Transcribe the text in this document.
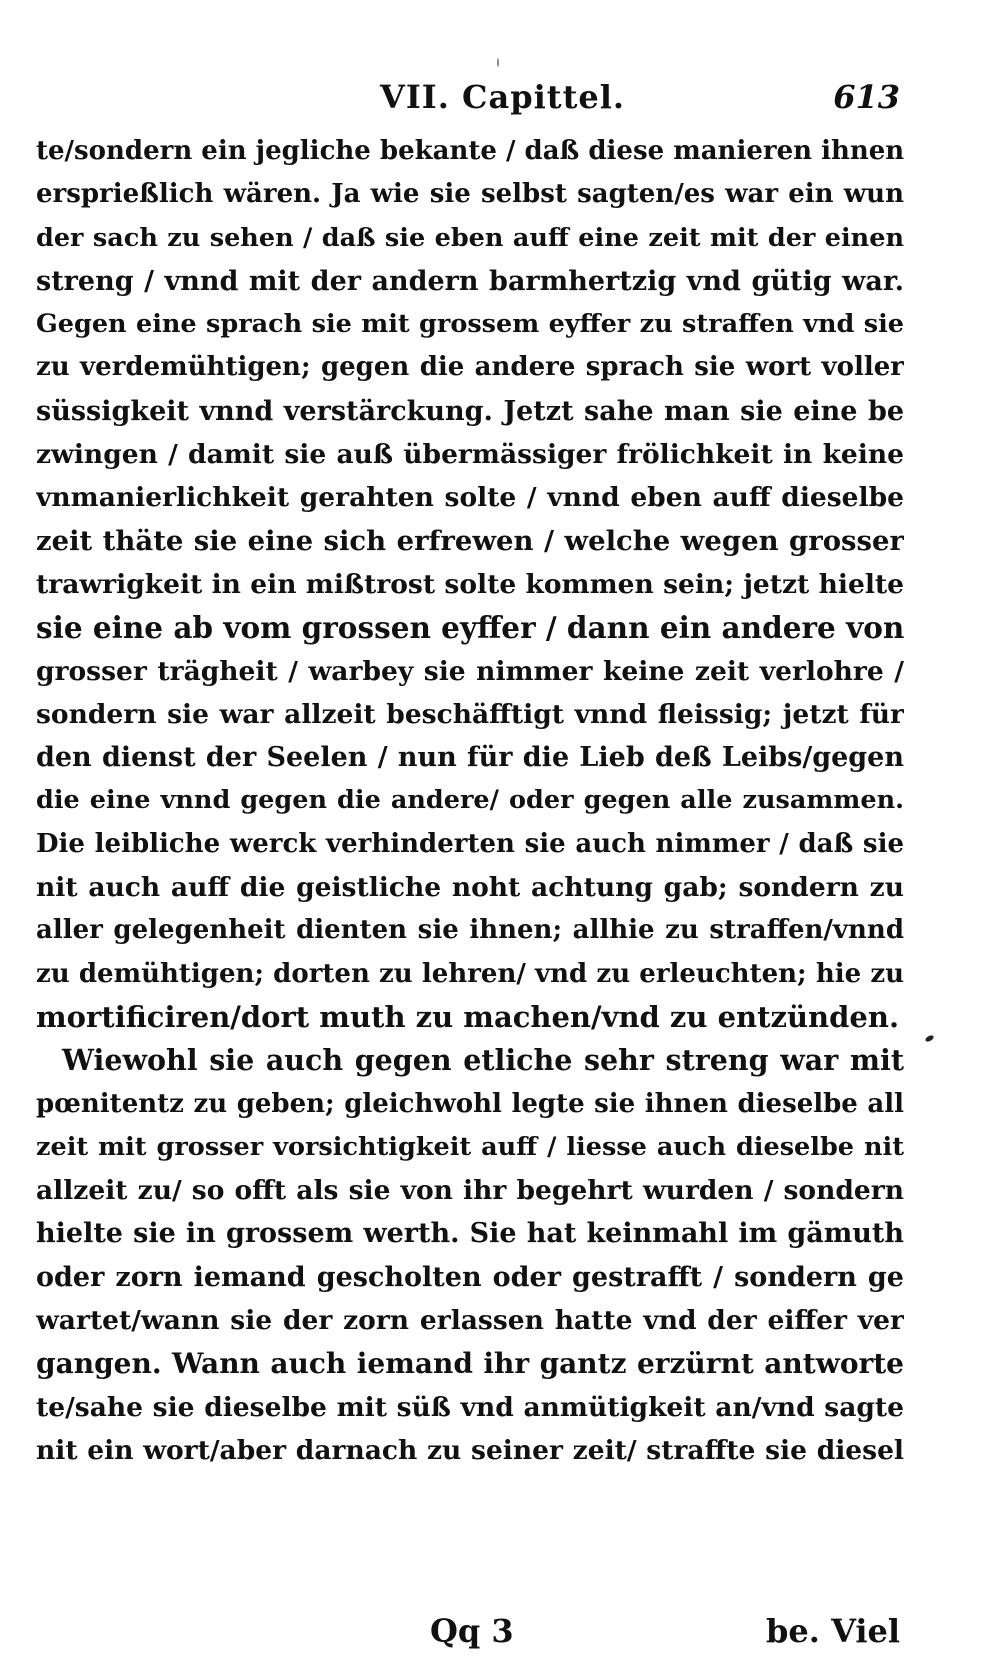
VII. Capittel.	613
te/sondern ein jegliche bekante / daß diese manieren ihnen
ersprießlich wären. Ja wie sie selbst sagten/es war ein wun
der sach zu sehen / daß sie eben auff eine zeit mit der einen
streng / vnnd mit der andern barmhertzig vnd gütig war.
Gegen eine sprach sie mit grossem eyffer zu straffen vnd sie
zu verdemühtigen; gegen die andere sprach sie wort voller
süssigkeit vnnd verstärckung. Jetzt sahe man sie eine be
zwingen / damit sie auß übermässiger frölichkeit in keine
vnmanierlichkeit gerahten solte / vnnd eben auff dieselbe
zeit thäte sie eine sich erfrewen / welche wegen grosser
trawrigkeit in ein mißtrost solte kommen sein; jetzt hielte
sie eine ab vom grossen eyffer / dann ein andere von
grosser trägheit / warbey sie nimmer keine zeit verlohre /
sondern sie war allzeit beschäfftigt vnnd fleissig; jetzt für
den dienst der Seelen / nun für die Lieb deß Leibs/gegen
die eine vnnd gegen die andere/ oder gegen alle zusammen.
Die leibliche werck verhinderten sie auch nimmer / daß sie
nit auch auff die geistliche noht achtung gab; sondern zu
aller gelegenheit dienten sie ihnen; allhie zu straffen/vnnd
zu demühtigen; dorten zu lehren/ vnd zu erleuchten; hie zu
mortificiren/dort muth zu machen/vnd zu entzünden.
Wiewohl sie auch gegen etliche sehr streng war mit
pœnitentz zu geben; gleichwohl legte sie ihnen dieselbe all
zeit mit grosser vorsichtigkeit auff / liesse auch dieselbe nit
allzeit zu/ so offt als sie von ihr begehrt wurden / sondern
hielte sie in grossem werth. Sie hat keinmahl im gämuth
oder zorn iemand gescholten oder gestrafft / sondern ge
wartet/wann sie der zorn erlassen hatte vnd der eiffer ver
gangen. Wann auch iemand ihr gantz erzürnt antworte
te/sahe sie dieselbe mit süß vnd anmütigkeit an/vnd sagte
nit ein wort/aber darnach zu seiner zeit/ straffte sie diesel
Qq 3	be. Viel
